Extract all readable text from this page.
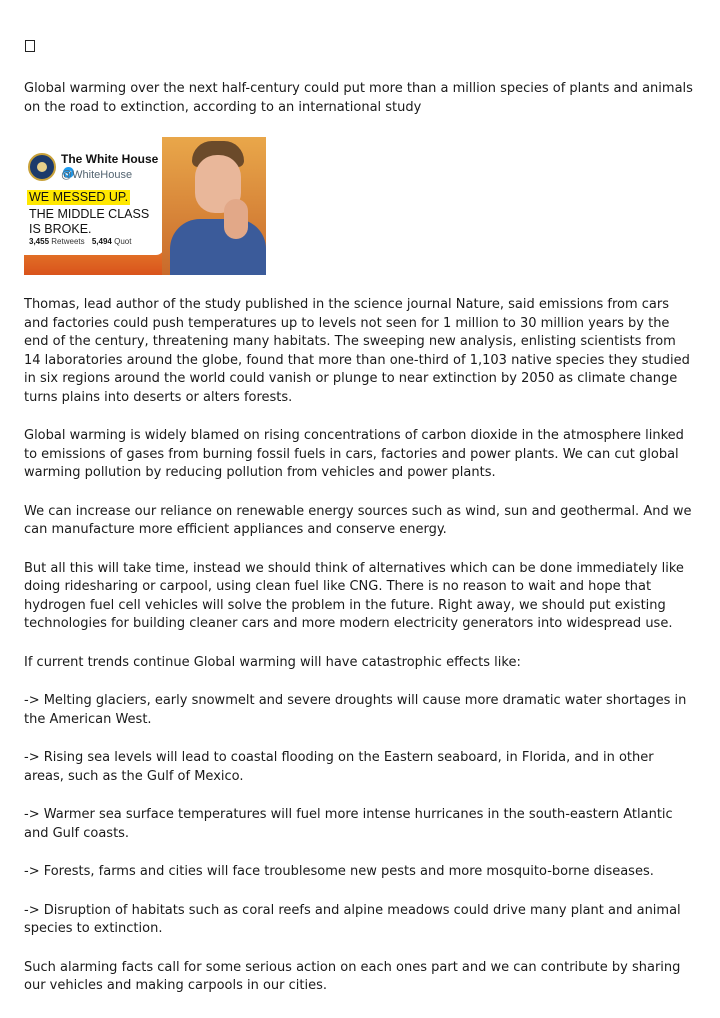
Global warming over the next half-century could put more than a million species of plants and animals on the road to extinction, according to an international study

The White House
@WhiteHouse
WE MESSED UP.
THE MIDDLE CLASS IS BROKE.
3,455 Retweets 5,494 Quot

Thomas, lead author of the study published in the science journal Nature, said emissions from cars and factories could push temperatures up to levels not seen for 1 million to 30 million years by the end of the century, threatening many habitats. The sweeping new analysis, enlisting scientists from 14 laboratories around the globe, found that more than one-third of 1,103 native species they studied in six regions around the world could vanish or plunge to near extinction by 2050 as climate change turns plains into deserts or alters forests.

Global warming is widely blamed on rising concentrations of carbon dioxide in the atmosphere linked to emissions of gases from burning fossil fuels in cars, factories and power plants. We can cut global warming pollution by reducing pollution from vehicles and power plants.

We can increase our reliance on renewable energy sources such as wind, sun and geothermal. And we can manufacture more efficient appliances and conserve energy.

But all this will take time, instead we should think of alternatives which can be done immediately like doing ridesharing or carpool, using clean fuel like CNG. There is no reason to wait and hope that hydrogen fuel cell vehicles will solve the problem in the future. Right away, we should put existing technologies for building cleaner cars and more modern electricity generators into widespread use.

If current trends continue Global warming will have catastrophic effects like:

-> Melting glaciers, early snowmelt and severe droughts will cause more dramatic water shortages in the American West.

-> Rising sea levels will lead to coastal flooding on the Eastern seaboard, in Florida, and in other areas, such as the Gulf of Mexico.

-> Warmer sea surface temperatures will fuel more intense hurricanes in the south-eastern Atlantic and Gulf coasts.

-> Forests, farms and cities will face troublesome new pests and more mosquito-borne diseases.

-> Disruption of habitats such as coral reefs and alpine meadows could drive many plant and animal species to extinction.

Such alarming facts call for some serious action on each ones part and we can contribute by sharing our vehicles and making carpools in our cities.
